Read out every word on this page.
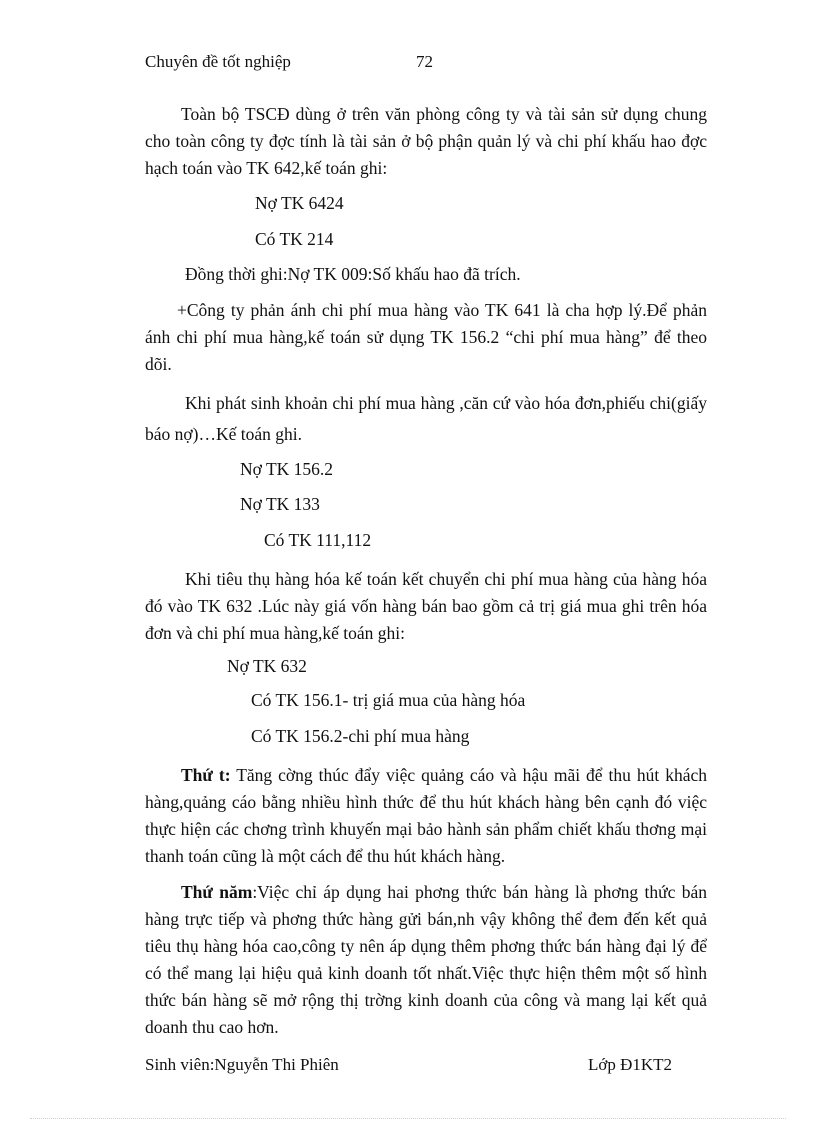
Chuyên đề tốt nghiệp	72

Toàn bộ TSCĐ dùng ở trên văn phòng công ty và tài sản sử dụng chung cho toàn công ty đợc tính là tài sản ở bộ phận quản lý và chi phí khấu hao đợc hạch toán vào TK 642,kế toán ghi:

Nợ TK 6424
Có TK 214
Đồng thời ghi:Nợ TK 009:Số khấu hao đã trích.

+Công ty phản ánh chi phí mua hàng vào TK 641 là cha hợp lý.Để phản ánh chi phí mua hàng,kế toán sử dụng TK 156.2 “chi phí mua hàng” để theo dõi.

Khi phát sinh khoản chi phí mua hàng ,căn cứ vào hóa đơn,phiếu chi(giấy báo nợ)…Kế toán ghi.

Nợ TK 156.2
Nợ TK 133
Có TK 111,112

Khi tiêu thụ hàng hóa kế toán kết chuyển chi phí mua hàng của hàng hóa đó vào TK 632 .Lúc này giá vốn hàng bán bao gồm cả trị giá mua ghi trên hóa đơn và chi phí mua hàng,kế toán ghi:

Nợ TK 632
Có TK 156.1- trị giá mua của hàng hóa
Có TK 156.2-chi phí mua hàng

Thứ t: Tăng cờng thúc đẩy việc quảng cáo và hậu mãi để thu hút khách hàng,quảng cáo bằng nhiều hình thức để thu hút khách hàng bên cạnh đó việc thực hiện các chơng trình khuyến mại bảo hành sản phẩm chiết khấu thơng mại thanh toán cũng là một cách để thu hút khách hàng.

Thứ năm:Việc chỉ áp dụng hai phơng thức bán hàng là phơng thức bán hàng trực tiếp và phơng thức hàng gửi bán,nh vậy không thể đem đến kết quả tiêu thụ hàng hóa cao,công ty nên áp dụng thêm phơng thức bán hàng đại lý để có thể mang lại hiệu quả kinh doanh tốt nhất.Việc thực hiện thêm một số hình thức bán hàng sẽ mở rộng thị trờng kinh doanh của công và mang lại kết quả doanh thu cao hơn.

Sinh viên:Nguyễn Thi Phiên	Lớp Đ1KT2
